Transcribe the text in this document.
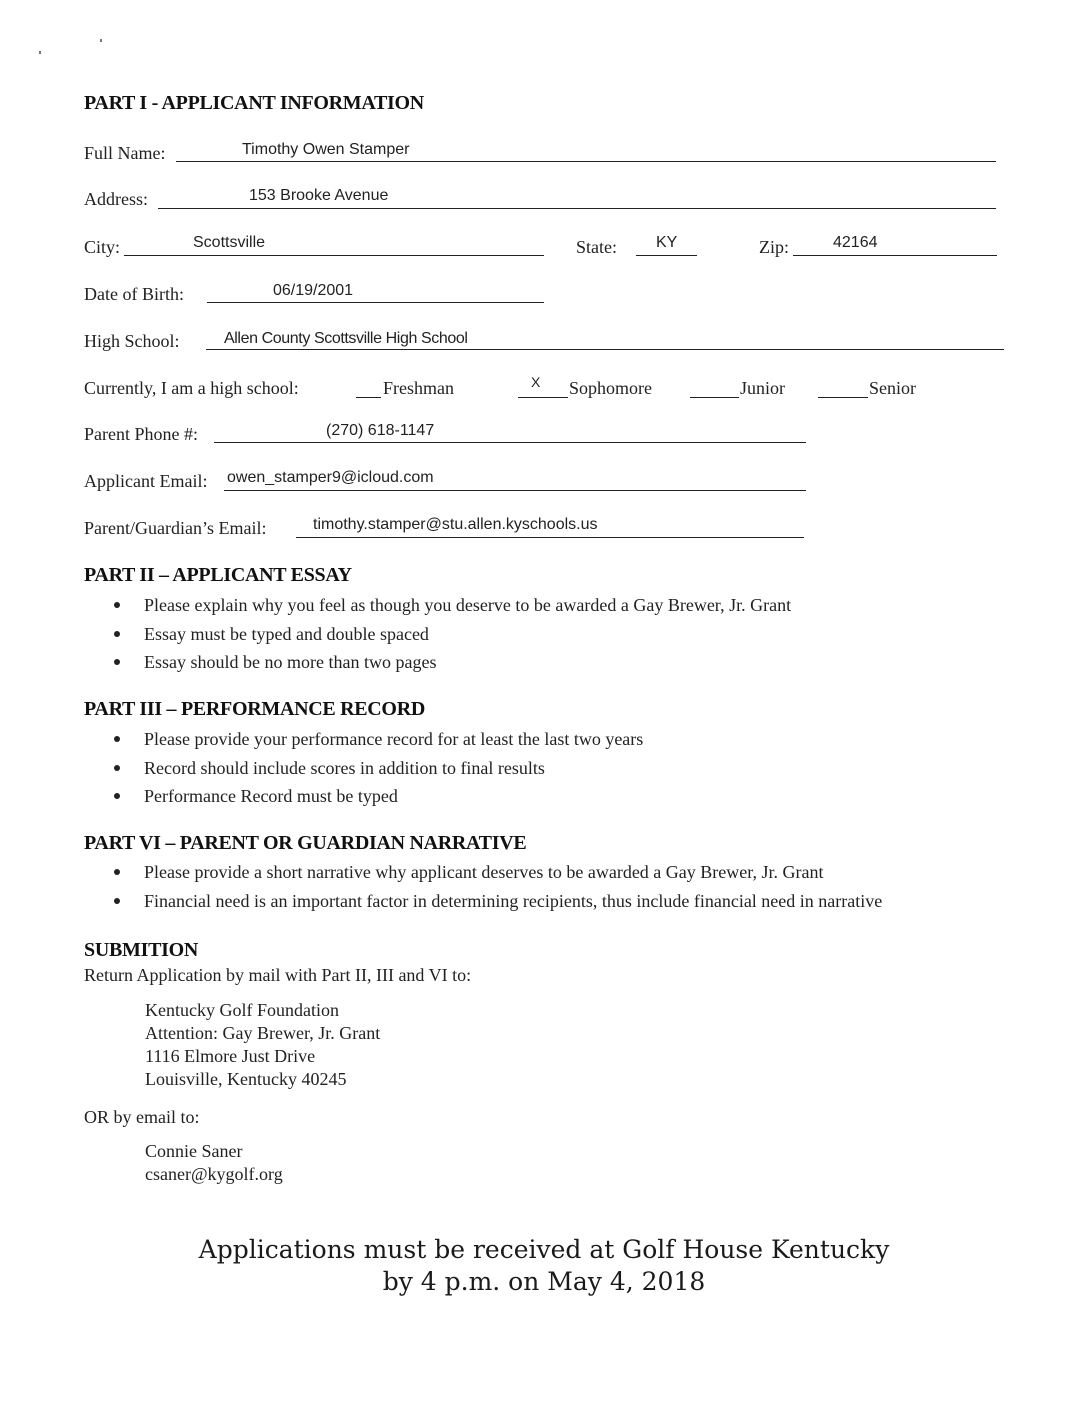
PART I - APPLICANT INFORMATION
Full Name:	Timothy Owen Stamper
Address:	153 Brooke Avenue
City:	Scottsville	State: KY	Zip:	42164
Date of Birth:	06/19/2001
High School:	Allen County Scottsville High School
Currently, I am a high school:	Freshman	X Sophomore	Junior	Senior
Parent Phone #:	(270) 618-1147
Applicant Email: owen_stamper9@icloud.com
Parent/Guardian’s Email:	timothy.stamper@stu.allen.kyschools.us
PART II – APPLICANT ESSAY
Please explain why you feel as though you deserve to be awarded a Gay Brewer, Jr. Grant
Essay must be typed and double spaced
Essay should be no more than two pages
PART III – PERFORMANCE RECORD
Please provide your performance record for at least the last two years
Record should include scores in addition to final results
Performance Record must be typed
PART VI – PARENT OR GUARDIAN NARRATIVE
Please provide a short narrative why applicant deserves to be awarded a Gay Brewer, Jr. Grant
Financial need is an important factor in determining recipients, thus include financial need in narrative
SUBMITION
Return Application by mail with Part II, III and VI to:
Kentucky Golf Foundation
Attention: Gay Brewer, Jr. Grant
1116 Elmore Just Drive
Louisville, Kentucky 40245
OR by email to:
Connie Saner
csaner@kygolf.org
Applications must be received at Golf House Kentucky
by 4 p.m. on May 4, 2018
